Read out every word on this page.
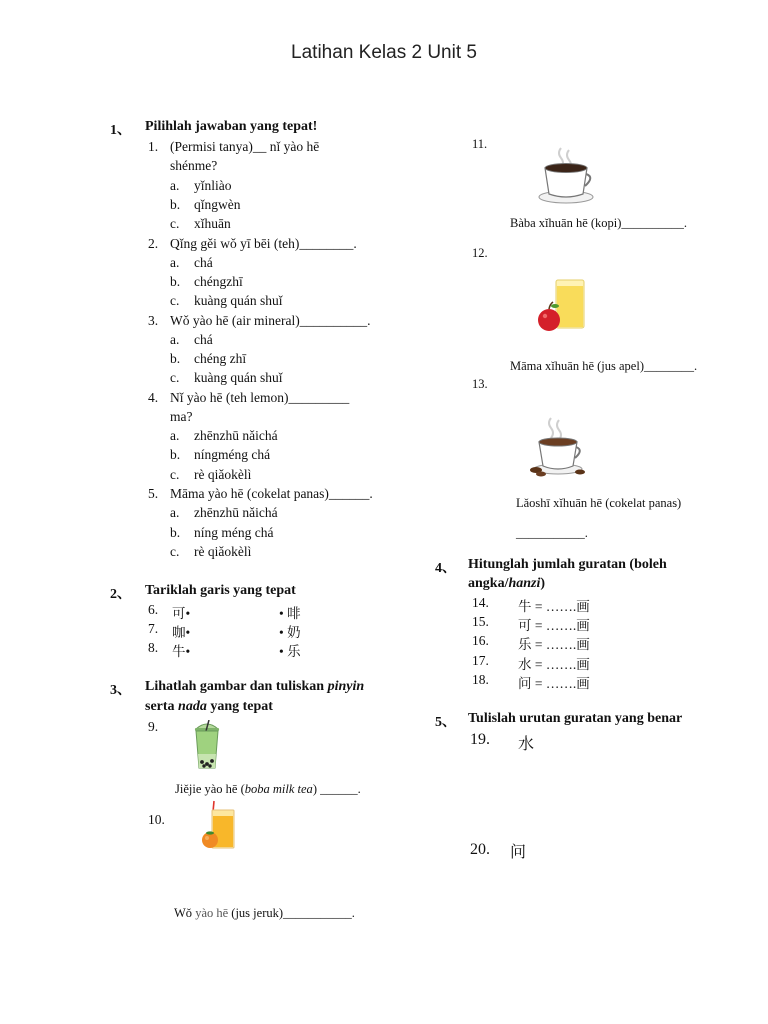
Latihan Kelas 2 Unit 5
1、 Pilihlah jawaban yang tepat!
1. (Permisi tanya)__ nǐ yào hē
shénme?
a. yǐnliào
b. qǐngwèn
c. xǐhuān
2. Qǐng gěi wǒ yī bēi (teh)________.
a. chá
b. chéngzhī
c. kuàng quán shuǐ
3. Wǒ yào hē (air mineral)__________.
a. chá
b. chéng zhī
c. kuàng quán shuǐ
4. Nǐ yào hē (teh lemon)_________
ma?
a. zhēnzhū nǎichá
b. níngméng chá
c. rè qiǎokèlì
5. Māma yào hē (cokelat panas)______.
a. zhēnzhū nǎichá
b. níng méng chá
c. rè qiǎokèlì
2、 Tariklah garis yang tepat
6. 可•	• 啡
7. 咖•	• 奶
8. 牛•	• 乐
3、 Lihatlah gambar dan tuliskan pinyin
serta nada yang tepat
9.
Jiějie yào hē (boba milk tea) ______.
10.
Wǒ yào hē (jus jeruk)___________.
11.
Bàba xǐhuān hē (kopi)__________.
12.
Māma xǐhuān hē (jus apel)________.
13.
Lǎoshī xǐhuān hē (cokelat panas)
___________.
4、 Hitunglah jumlah guratan (boleh
angka/hanzi)
14. 牛 = …….画
15. 可 = …….画
16. 乐 = …….画
17. 水 = …….画
18. 问 = …….画
5、 Tulislah urutan guratan yang benar
19. 水
20. 问
